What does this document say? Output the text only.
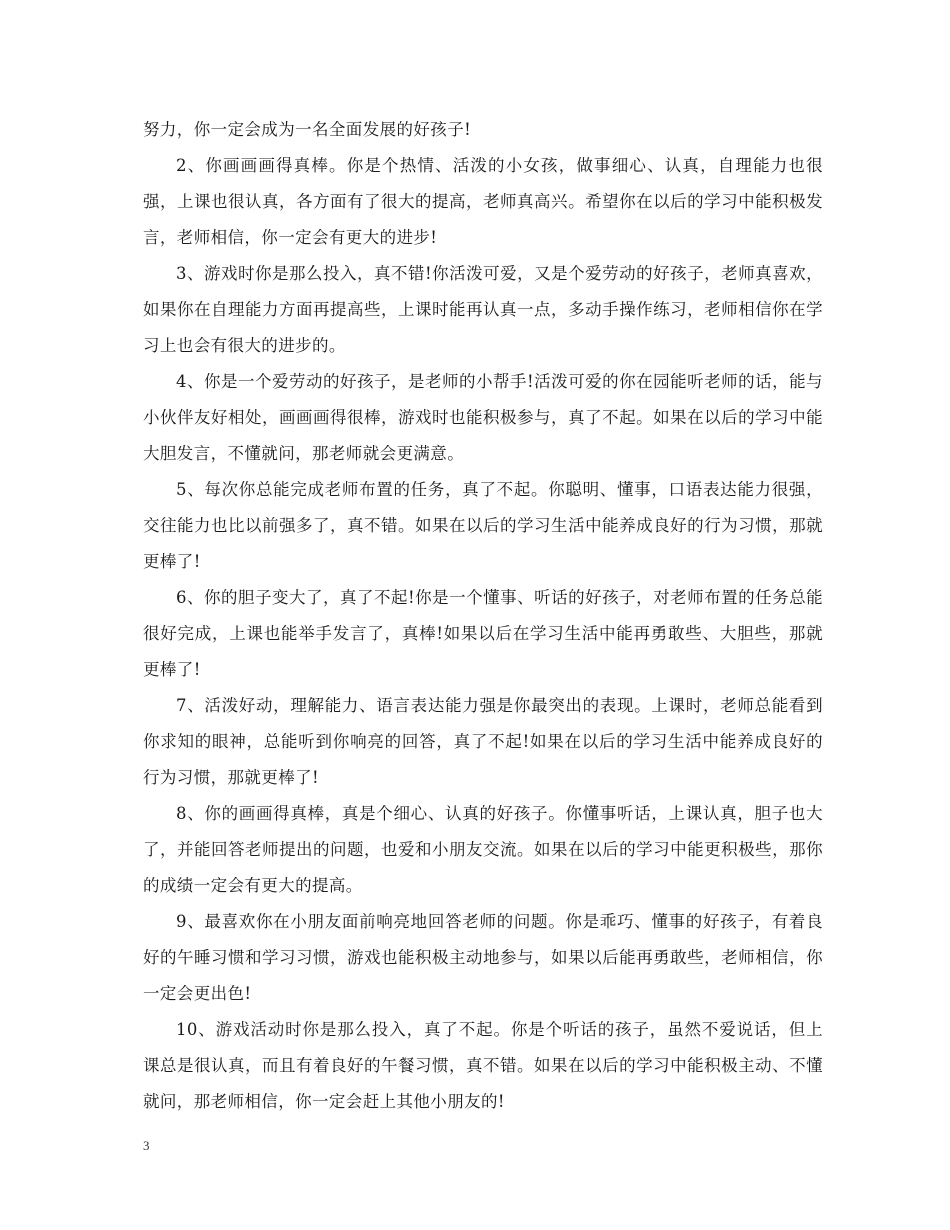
努力，你一定会成为一名全面发展的好孩子!

2、你画画画得真棒。你是个热情、活泼的小女孩，做事细心、认真，自理能力也很强，上课也很认真，各方面有了很大的提高，老师真高兴。希望你在以后的学习中能积极发言，老师相信，你一定会有更大的进步!

3、游戏时你是那么投入，真不错!你活泼可爱，又是个爱劳动的好孩子，老师真喜欢，如果你在自理能力方面再提高些，上课时能再认真一点，多动手操作练习，老师相信你在学习上也会有很大的进步的。

4、你是一个爱劳动的好孩子，是老师的小帮手!活泼可爱的你在园能听老师的话，能与小伙伴友好相处，画画画得很棒，游戏时也能积极参与，真了不起。如果在以后的学习中能大胆发言，不懂就问，那老师就会更满意。

5、每次你总能完成老师布置的任务，真了不起。你聪明、懂事，口语表达能力很强，交往能力也比以前强多了，真不错。如果在以后的学习生活中能养成良好的行为习惯，那就更棒了!

6、你的胆子变大了，真了不起!你是一个懂事、听话的好孩子，对老师布置的任务总能很好完成，上课也能举手发言了，真棒!如果以后在学习生活中能再勇敢些、大胆些，那就更棒了!

7、活泼好动，理解能力、语言表达能力强是你最突出的表现。上课时，老师总能看到你求知的眼神，总能听到你响亮的回答，真了不起!如果在以后的学习生活中能养成良好的行为习惯，那就更棒了!

8、你的画画得真棒，真是个细心、认真的好孩子。你懂事听话，上课认真，胆子也大了，并能回答老师提出的问题，也爱和小朋友交流。如果在以后的学习中能更积极些，那你的成绩一定会有更大的提高。

9、最喜欢你在小朋友面前响亮地回答老师的问题。你是乖巧、懂事的好孩子，有着良好的午睡习惯和学习习惯，游戏也能积极主动地参与，如果以后能再勇敢些，老师相信，你一定会更出色!

10、游戏活动时你是那么投入，真了不起。你是个听话的孩子，虽然不爱说话，但上课总是很认真，而且有着良好的午餐习惯，真不错。如果在以后的学习中能积极主动、不懂就问，那老师相信，你一定会赶上其他小朋友的!

3
